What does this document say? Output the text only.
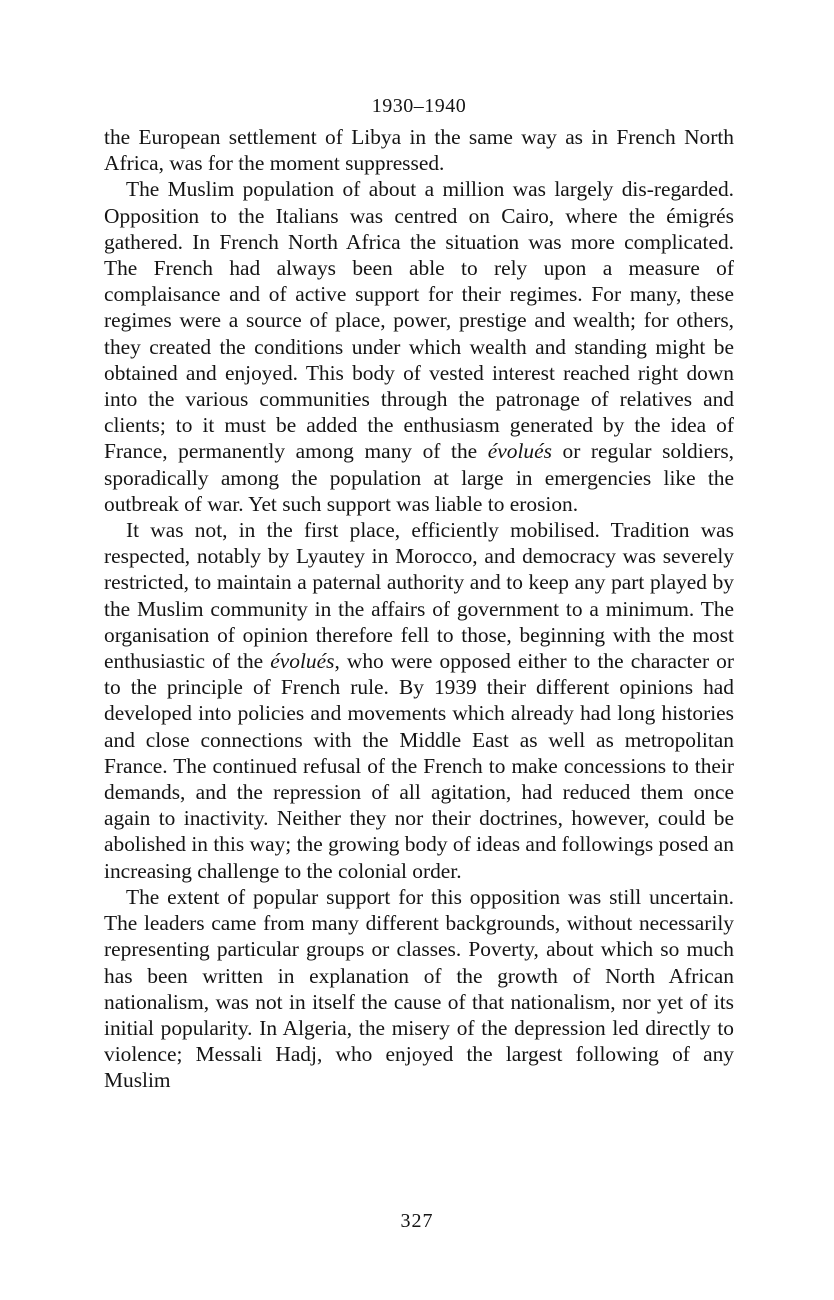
1930–1940

the European settlement of Libya in the same way as in French North Africa, was for the moment suppressed.

The Muslim population of about a million was largely dis-regarded. Opposition to the Italians was centred on Cairo, where the émigrés gathered. In French North Africa the situation was more complicated. The French had always been able to rely upon a measure of complaisance and of active support for their regimes. For many, these regimes were a source of place, power, prestige and wealth; for others, they created the conditions under which wealth and standing might be obtained and enjoyed. This body of vested interest reached right down into the various communities through the patronage of relatives and clients; to it must be added the enthusiasm generated by the idea of France, permanently among many of the évolués or regular soldiers, sporadically among the population at large in emergencies like the outbreak of war. Yet such support was liable to erosion.

It was not, in the first place, efficiently mobilised. Tradition was respected, notably by Lyautey in Morocco, and democracy was severely restricted, to maintain a paternal authority and to keep any part played by the Muslim community in the affairs of government to a minimum. The organisation of opinion therefore fell to those, beginning with the most enthusiastic of the évolués, who were opposed either to the character or to the principle of French rule. By 1939 their different opinions had developed into policies and movements which already had long histories and close connections with the Middle East as well as metropolitan France. The continued refusal of the French to make concessions to their demands, and the repression of all agitation, had reduced them once again to inactivity. Neither they nor their doctrines, however, could be abolished in this way; the growing body of ideas and followings posed an increasing challenge to the colonial order.

The extent of popular support for this opposition was still uncertain. The leaders came from many different backgrounds, without necessarily representing particular groups or classes. Poverty, about which so much has been written in explanation of the growth of North African nationalism, was not in itself the cause of that nationalism, nor yet of its initial popularity. In Algeria, the misery of the depression led directly to violence; Messali Hadj, who enjoyed the largest following of any Muslim

327
